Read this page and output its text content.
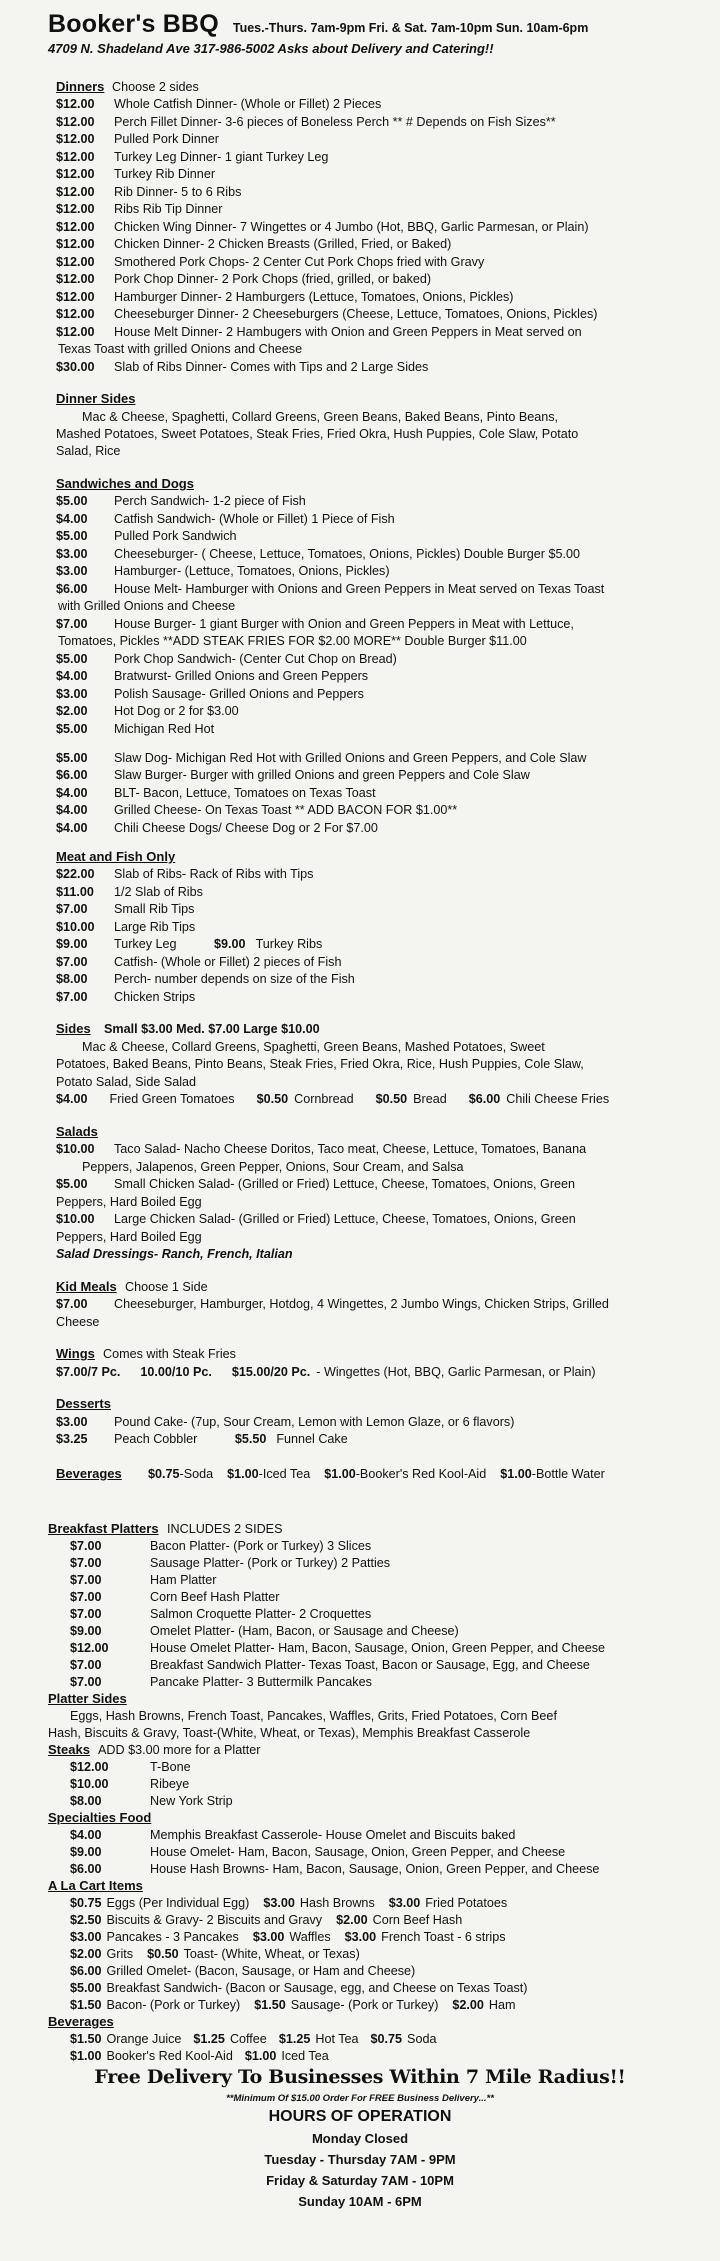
Booker's BBQ Tues.-Thurs. 7am-9pm Fri. & Sat. 7am-10pm Sun. 10am-6pm
4709 N. Shadeland Ave 317-986-5002 Asks about Delivery and Catering!!
Dinners Choose 2 sides
$12.00 Whole Catfish Dinner- (Whole or Fillet) 2 Pieces
$12.00 Perch Fillet Dinner- 3-6 pieces of Boneless Perch ** # Depends on Fish Sizes**
$12.00 Pulled Pork Dinner
$12.00 Turkey Leg Dinner- 1 giant Turkey Leg
$12.00 Turkey Rib Dinner
$12.00 Rib Dinner- 5 to 6 Ribs
$12.00 Ribs Rib Tip Dinner
$12.00 Chicken Wing Dinner- 7 Wingettes or 4 Jumbo (Hot, BBQ, Garlic Parmesan, or Plain)
$12.00 Chicken Dinner- 2 Chicken Breasts (Grilled, Fried, or Baked)
$12.00 Smothered Pork Chops- 2 Center Cut Pork Chops fried with Gravy
$12.00 Pork Chop Dinner- 2 Pork Chops (fried, grilled, or baked)
$12.00 Hamburger Dinner- 2 Hamburgers (Lettuce, Tomatoes, Onions, Pickles)
$12.00 Cheeseburger Dinner- 2 Cheeseburgers (Cheese, Lettuce, Tomatoes, Onions, Pickles)
$12.00 House Melt Dinner- 2 Hambugers with Onion and Green Peppers in Meat served on
Texas Toast with grilled Onions and Cheese
$30.00 Slab of Ribs Dinner- Comes with Tips and 2 Large Sides
Dinner Sides
Mac & Cheese, Spaghetti, Collard Greens, Green Beans, Baked Beans, Pinto Beans,
Mashed Potatoes, Sweet Potatoes, Steak Fries, Fried Okra, Hush Puppies, Cole Slaw, Potato
Salad, Rice
Sandwiches and Dogs
$5.00 Perch Sandwich- 1-2 piece of Fish
$4.00 Catfish Sandwich- (Whole or Fillet) 1 Piece of Fish
$5.00 Pulled Pork Sandwich
$3.00 Cheeseburger- ( Cheese, Lettuce, Tomatoes, Onions, Pickles) Double Burger $5.00
$3.00 Hamburger- (Lettuce, Tomatoes, Onions, Pickles)
$6.00 House Melt- Hamburger with Onions and Green Peppers in Meat served on Texas Toast
with Grilled Onions and Cheese
$7.00 House Burger- 1 giant Burger with Onion and Green Peppers in Meat with Lettuce,
Tomatoes, Pickles **ADD STEAK FRIES FOR $2.00 MORE** Double Burger $11.00
$5.00 Pork Chop Sandwich- (Center Cut Chop on Bread)
$4.00 Bratwurst- Grilled Onions and Green Peppers
$3.00 Polish Sausage- Grilled Onions and Peppers
$2.00 Hot Dog or 2 for $3.00
$5.00 Michigan Red Hot
$5.00 Slaw Dog- Michigan Red Hot with Grilled Onions and Green Peppers, and Cole Slaw
$6.00 Slaw Burger- Burger with grilled Onions and green Peppers and Cole Slaw
$4.00 BLT- Bacon, Lettuce, Tomatoes on Texas Toast
$4.00 Grilled Cheese- On Texas Toast ** ADD BACON FOR $1.00**
$4.00 Chili Cheese Dogs/ Cheese Dog or 2 For $7.00
Meat and Fish Only
$22.00 Slab of Ribs- Rack of Ribs with Tips
$11.00 1/2 Slab of Ribs
$7.00 Small Rib Tips
$10.00 Large Rib Tips
$9.00 Turkey Leg	$9.00 Turkey Ribs
$7.00 Catfish- (Whole or Fillet) 2 pieces of Fish
$8.00 Perch- number depends on size of the Fish
$7.00 Chicken Strips
Sides Small $3.00 Med. $7.00 Large $10.00
Mac & Cheese, Collard Greens, Spaghetti, Green Beans, Mashed Potatoes, Sweet
Potatoes, Baked Beans, Pinto Beans, Steak Fries, Fried Okra, Rice, Hush Puppies, Cole Slaw,
Potato Salad, Side Salad
$4.00 Fried Green Tomatoes $0.50 Cornbread $0.50 Bread $6.00 Chili Cheese Fries
Salads
$10.00 Taco Salad- Nacho Cheese Doritos, Taco meat, Cheese, Lettuce, Tomatoes, Banana
Peppers, Jalapenos, Green Pepper, Onions, Sour Cream, and Salsa
$5.00 Small Chicken Salad- (Grilled or Fried) Lettuce, Cheese, Tomatoes, Onions, Green
Peppers, Hard Boiled Egg
$10.00 Large Chicken Salad- (Grilled or Fried) Lettuce, Cheese, Tomatoes, Onions, Green
Peppers, Hard Boiled Egg
Salad Dressings- Ranch, French, Italian
Kid Meals Choose 1 Side
$7.00 Cheeseburger, Hamburger, Hotdog, 4 Wingettes, 2 Jumbo Wings, Chicken Strips, Grilled
Cheese
Wings Comes with Steak Fries
$7.00/7 Pc. 10.00/10 Pc. $15.00/20 Pc. - Wingettes (Hot, BBQ, Garlic Parmesan, or Plain)
Desserts
$3.00 Pound Cake- (7up, Sour Cream, Lemon with Lemon Glaze, or 6 flavors)
$3.25 Peach Cobbler	$5.50 Funnel Cake
Beverages $0.75-Soda $1.00-Iced Tea $1.00-Booker's Red Kool-Aid $1.00-Bottle Water
Breakfast Platters INCLUDES 2 SIDES
$7.00	Bacon Platter- (Pork or Turkey) 3 Slices
$7.00	Sausage Platter- (Pork or Turkey) 2 Patties
$7.00	Ham Platter
$7.00	Corn Beef Hash Platter
$7.00	Salmon Croquette Platter- 2 Croquettes
$9.00	Omelet Platter- (Ham, Bacon, or Sausage and Cheese)
$12.00	House Omelet Platter- Ham, Bacon, Sausage, Onion, Green Pepper, and Cheese
$7.00	Breakfast Sandwich Platter- Texas Toast, Bacon or Sausage, Egg, and Cheese
$7.00	Pancake Platter- 3 Buttermilk Pancakes
Platter Sides
Eggs, Hash Browns, French Toast, Pancakes, Waffles, Grits, Fried Potatoes, Corn Beef
Hash, Biscuits & Gravy, Toast-(White, Wheat, or Texas), Memphis Breakfast Casserole
Steaks ADD $3.00 more for a Platter
$12.00	T-Bone
$10.00	Ribeye
$8.00	New York Strip
Specialties Food
$4.00	Memphis Breakfast Casserole- House Omelet and Biscuits baked
$9.00	House Omelet- Ham, Bacon, Sausage, Onion, Green Pepper, and Cheese
$6.00	House Hash Browns- Ham, Bacon, Sausage, Onion, Green Pepper, and Cheese
A La Cart Items
$0.75 Eggs (Per Individual Egg) $3.00 Hash Browns $3.00 Fried Potatoes
$2.50 Biscuits & Gravy- 2 Biscuits and Gravy $2.00 Corn Beef Hash
$3.00 Pancakes - 3 Pancakes $3.00 Waffles $3.00 French Toast - 6 strips
$2.00 Grits $0.50 Toast- (White, Wheat, or Texas)
$6.00 Grilled Omelet- (Bacon, Sausage, or Ham and Cheese)
$5.00 Breakfast Sandwich- (Bacon or Sausage, egg, and Cheese on Texas Toast)
$1.50 Bacon- (Pork or Turkey) $1.50 Sausage- (Pork or Turkey) $2.00 Ham
Beverages
$1.50 Orange Juice $1.25 Coffee $1.25 Hot Tea $0.75 Soda
$1.00 Booker's Red Kool-Aid $1.00 Iced Tea
Free Delivery To Businesses Within 7 Mile Radius!!
**Minimum Of $15.00 Order For FREE Business Delivery...**
HOURS OF OPERATION
Monday Closed
Tuesday - Thursday 7AM - 9PM
Friday & Saturday 7AM - 10PM
Sunday 10AM - 6PM
